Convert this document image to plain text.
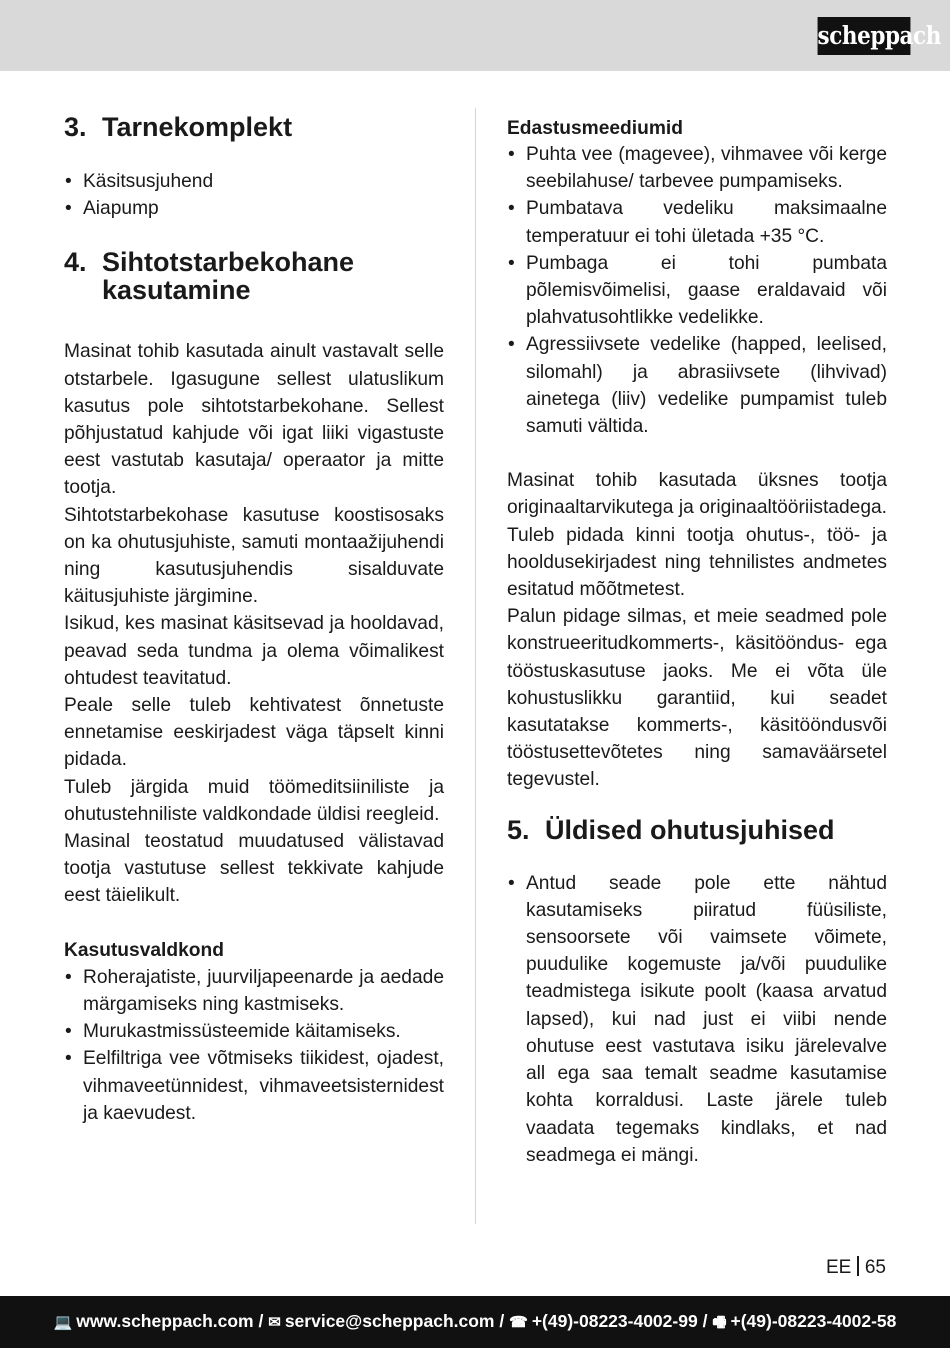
scheppach
3. Tarnekomplekt
• Käsitsusjuhend
• Aiapump
4. Sihtotstarbekohane
kasutamine

Masinat tohib kasutada ainult vastavalt selle otstarbele. Igasugune sellest ulatuslikum kasutus pole sihtotstarbekohane. Sellest põhjustatud kahjude või igat liiki vigastuste eest vastutab kasutaja/ operaator ja mitte tootja.

Sihtotstarbekohase kasutuse koostisosaks on ka ohutusjuhiste, samuti montaažijuhendi ning kasutusjuhendis sisalduvate käitusjuhiste järgimine.

Isikud, kes masinat käsitsevad ja hooldavad, peavad seda tundma ja olema võimalikest ohtudest teavitatud.

Peale selle tuleb kehtivatest õnnetuste ennetamise eeskirjadest väga täpselt kinni pidada.

Tuleb järgida muid töömeditsiiniliste ja ohutustehniliste valdkondade üldisi reegleid.

Masinal teostatud muudatused välistavad tootja vastutuse sellest tekkivate kahjude eest täielikult.

Kasutusvaldkond
• Roherajatiste, juurviljapeenarde ja aedade märgamiseks ning kastmiseks.
• Murukastmissüsteemide käitamiseks.
• Eelfiltriga vee võtmiseks tiikidest, ojadest, vihmaveetünnidest, vihmaveetsisternidest ja kaevudest.
Edastusmeediumid
• Puhta vee (magevee), vihmavee või kerge seebilahuse/ tarbevee pumpamiseks.
• Pumbatava vedeliku maksimaalne temperatuur ei tohi ületada +35 °C.
• Pumbaga ei tohi pumbata põlemisvõimelisi, gaase eraldavaid või plahvatusohtlikke vedelikke.
• Agressiivsete vedelike (happed, leelised, silomahl) ja abrasiivsete (lihvivad) ainetega (liiv) vedelike pumpamist tuleb samuti vältida.

Masinat tohib kasutada üksnes tootja originaaltarvikutega ja originaaltööriistadega. Tuleb pidada kinni tootja ohutus-, töö- ja hooldusekirjadest ning tehnilistes andmetes esitatud mõõtmetest.

Palun pidage silmas, et meie seadmed pole konstrueeritudkommerts-, käsitööndus- ega tööstuskasutuse jaoks. Me ei võta üle kohustuslikku garantiid, kui seadet kasutatakse kommerts-, käsitööndusvõi tööstusettevõtetes ning samaväärsetel tegevustel.

5. Üldised ohutusjuhised
• Antud seade pole ette nähtud kasutamiseks piiratud füüsiliste, sensoorsete või vaimsete võimete, puudulike kogemuste ja/või puudulike teadmistega isikute poolt (kaasa arvatud lapsed), kui nad just ei viibi nende ohutuse eest vastutava isiku järelevalve all ega saa temalt seadme kasutamise kohta korraldusi. Laste järele tuleb vaadata tegemaks kindlaks, et nad seadmega ei mängi.
EE 65
💻 www.scheppach.com / ✉ service@scheppach.com / ☎ +(49)-08223-4002-99 / 🖷 +(49)-08223-4002-58
